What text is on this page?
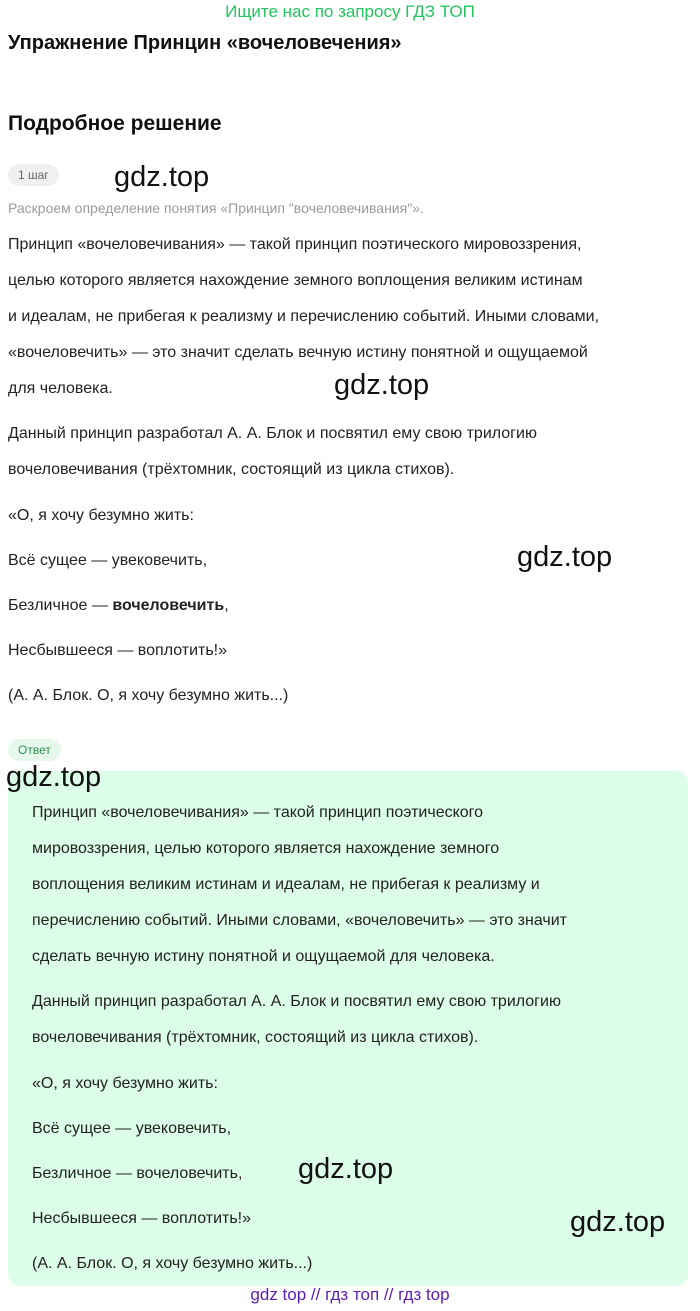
Ищите нас по запросу ГДЗ ТОП
Упражнение Принцин «вочеловечения»
Подробное решение
1 шаг
Раскроем определение понятия «Принцип "вочеловечивания"».
Принцип «вочеловечивания» — такой принцип поэтического мировоззрения,
целью которого является нахождение земного воплощения великим истинам
и идеалам, не прибегая к реализму и перечислению событий. Иными словами,
«вочеловечить» — это значит сделать вечную истину понятной и ощущаемой
для человека.
Данный принцип разработал А. А. Блок и посвятил ему свою трилогию
вочеловечивания (трёхтомник, состоящий из цикла стихов).
«О, я хочу безумно жить:
Всё сущее — увековечить,
Безличное — вочеловечить,
Несбывшееся — воплотить!»
(А. А. Блок. О, я хочу безумно жить...)
Ответ
Принцип «вочеловечивания» — такой принцип поэтического
мировоззрения, целью которого является нахождение земного
воплощения великим истинам и идеалам, не прибегая к реализму и
перечислению событий. Иными словами, «вочеловечить» — это значит
сделать вечную истину понятной и ощущаемой для человека.
Данный принцип разработал А. А. Блок и посвятил ему свою трилогию
вочеловечивания (трёхтомник, состоящий из цикла стихов).
«О, я хочу безумно жить:
Всё сущее — увековечить,
Безличное — вочеловечить,
Несбывшееся — воплотить!»
(А. А. Блок. О, я хочу безумно жить...)
gdz.top
gdz.top
gdz.top
gdz.top
gdz.top
gdz.top
gdz top // гдз топ // гдз top
